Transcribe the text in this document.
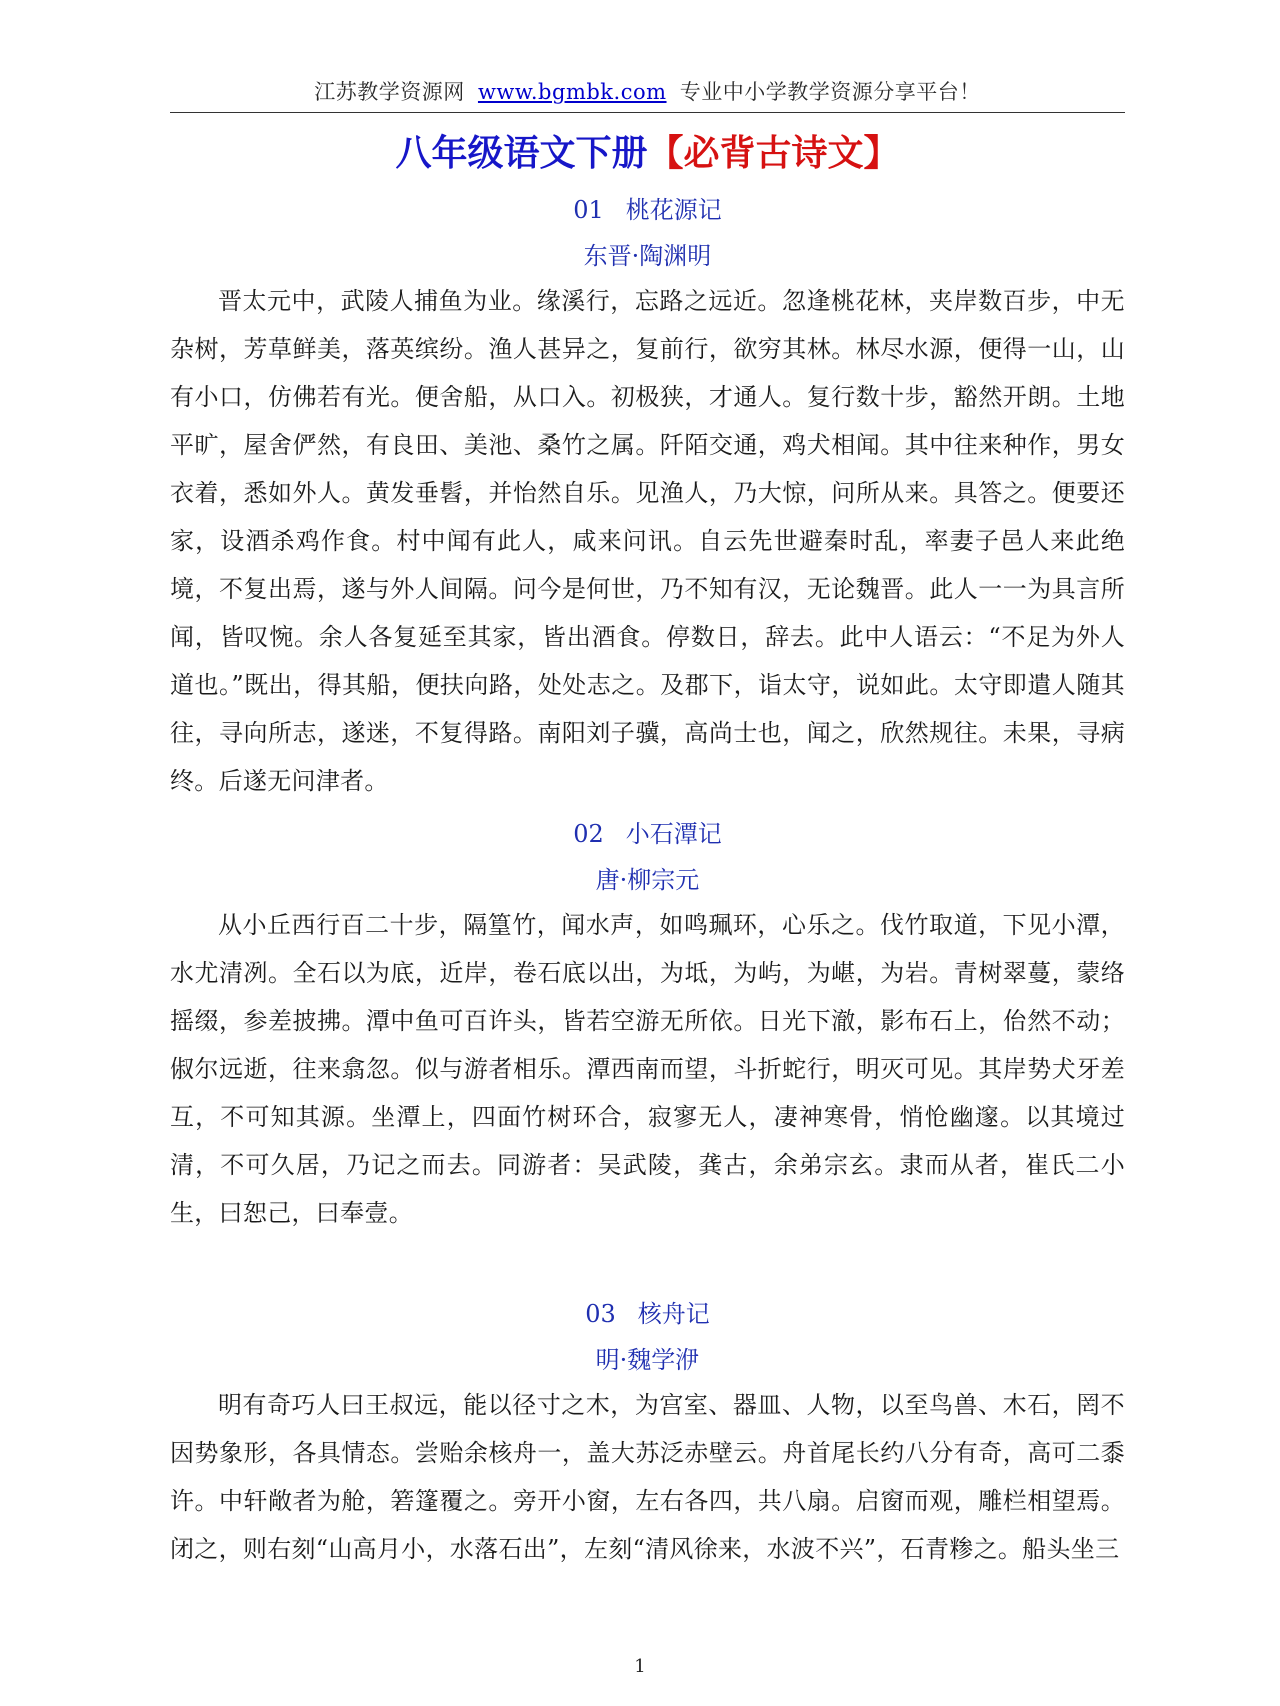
江苏教学资源网 www.bgmbk.com 专业中小学教学资源分享平台！
八年级语文下册【必背古诗文】
01 桃花源记
东晋·陶渊明

晋太元中，武陵人捕鱼为业。缘溪行，忘路之远近。忽逢桃花林，夹岸数百步，中无杂树，芳草鲜美，落英缤纷。渔人甚异之，复前行，欲穷其林。林尽水源，便得一山，山有小口，仿佛若有光。便舍船，从口入。初极狭，才通人。复行数十步，豁然开朗。土地平旷，屋舍俨然，有良田、美池、桑竹之属。阡陌交通，鸡犬相闻。其中往来种作，男女衣着，悉如外人。黄发垂髫，并怡然自乐。见渔人，乃大惊，问所从来。具答之。便要还家，设酒杀鸡作食。村中闻有此人，咸来问讯。自云先世避秦时乱，率妻子邑人来此绝境，不复出焉，遂与外人间隔。问今是何世，乃不知有汉，无论魏晋。此人一一为具言所闻，皆叹惋。余人各复延至其家，皆出酒食。停数日，辞去。此中人语云：“不足为外人道也。”既出，得其船，便扶向路，处处志之。及郡下，诣太守，说如此。太守即遣人随其往，寻向所志，遂迷，不复得路。南阳刘子骥，高尚士也，闻之，欣然规往。未果，寻病终。后遂无问津者。

02 小石潭记
唐·柳宗元

从小丘西行百二十步，隔篁竹，闻水声，如鸣珮环，心乐之。伐竹取道，下见小潭，水尤清冽。全石以为底，近岸，卷石底以出，为坻，为屿，为嵁，为岩。青树翠蔓，蒙络摇缀，参差披拂。潭中鱼可百许头，皆若空游无所依。日光下澈，影布石上，佁然不动；俶尔远逝，往来翕忽。似与游者相乐。潭西南而望，斗折蛇行，明灭可见。其岸势犬牙差互，不可知其源。坐潭上，四面竹树环合，寂寥无人，凄神寒骨，悄怆幽邃。以其境过清，不可久居，乃记之而去。同游者：吴武陵，龚古，余弟宗玄。隶而从者，崔氏二小生，曰恕己，曰奉壹。

03 核舟记
明·魏学洢

明有奇巧人曰王叔远，能以径寸之木，为宫室、器皿、人物，以至鸟兽、木石，罔不因势象形，各具情态。尝贻余核舟一，盖大苏泛赤壁云。舟首尾长约八分有奇，高可二黍许。中轩敞者为舱，箬篷覆之。旁开小窗，左右各四，共八扇。启窗而观，雕栏相望焉。闭之，则右刻“山高月小，水落石出”，左刻“清风徐来，水波不兴”，石青糁之。船头坐三

1
